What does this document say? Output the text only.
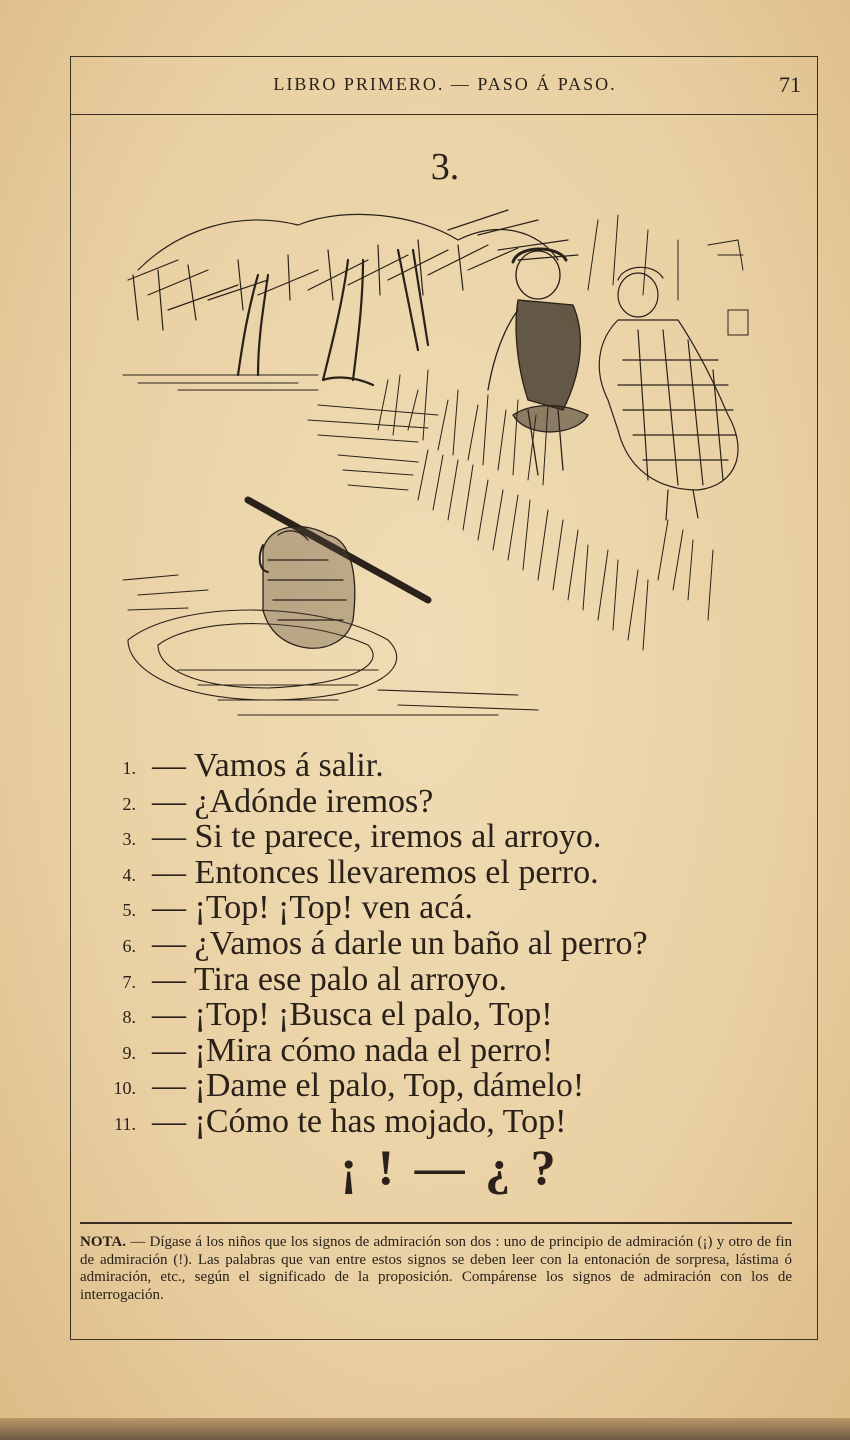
LIBRO PRIMERO. — PASO Á PASO.	71
3.
1. — Vamos á salir.
2. — ¿Adónde iremos?
3. — Si te parece, iremos al arroyo.
4. — Entonces llevaremos el perro.
5. — ¡Top! ¡Top! ven acá.
6. — ¿Vamos á darle un baño al perro?
7. — Tira ese palo al arroyo.
8. — ¡Top! ¡Busca el palo, Top!
9. — ¡Mira cómo nada el perro!
10. — ¡Dame el palo, Top, dámelo!
11. — ¡Cómo te has mojado, Top!
¡ ! — ¿ ?
NOTA. — Dígase á los niños que los signos de admiración son dos : uno de principio de admiración (¡) y otro de fin de admiración (!). Las palabras que van entre estos signos se deben leer con la entonación de sorpresa, lástima ó admiración, etc., según el significado de la proposición. Compárense los signos de admiración con los de interrogación.
